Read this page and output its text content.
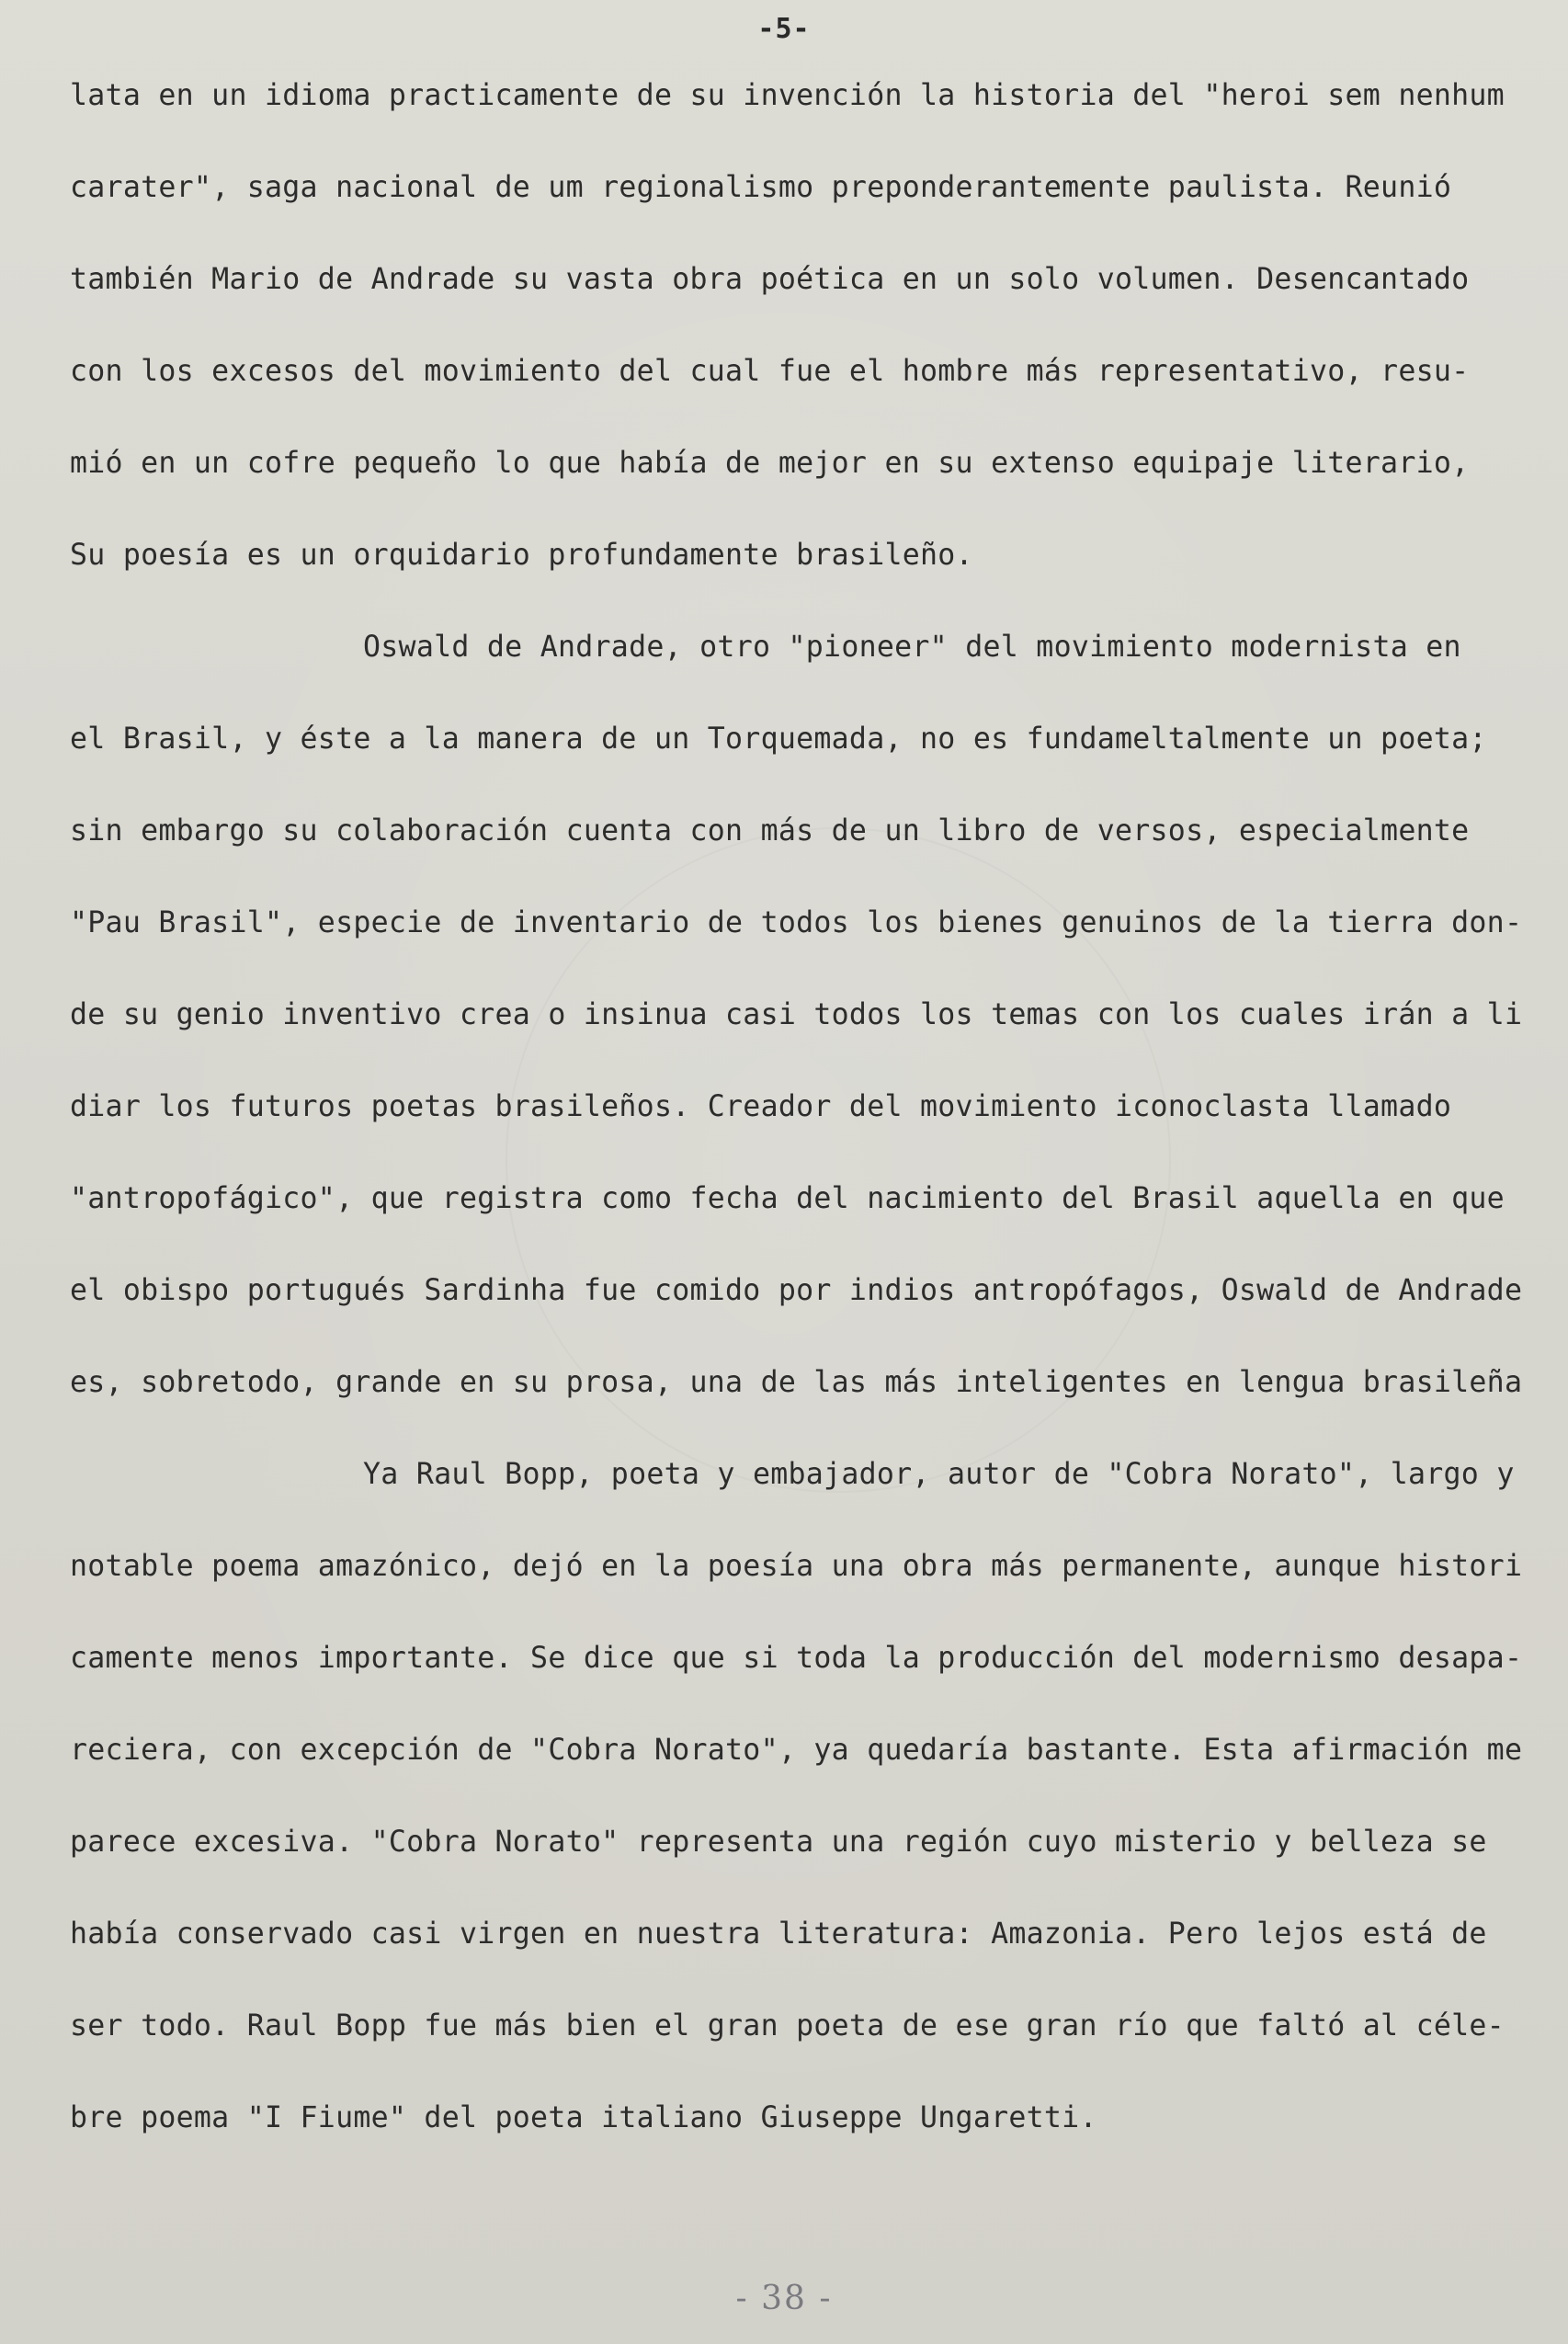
-5-
lata en un idioma practicamente de su invención la historia del "heroi sem nenhum
carater", saga nacional de um regionalismo preponderantemente paulista. Reunió
también Mario de Andrade su vasta obra poética en un solo volumen. Desencantado
con los excesos del movimiento del cual fue el hombre más representativo, resu-
mió en un cofre pequeño lo que había de mejor en su extenso equipaje literario,
Su poesía es un orquidario profundamente brasileño.
Oswald de Andrade, otro "pioneer" del movimiento modernista en
el Brasil, y éste a la manera de un Torquemada, no es fundameltalmente un poeta;
sin embargo su colaboración cuenta con más de un libro de versos, especialmente
"Pau Brasil", especie de inventario de todos los bienes genuinos de la tierra don-
de su genio inventivo crea o insinua casi todos los temas con los cuales irán a li
diar los futuros poetas brasileños. Creador del movimiento iconoclasta llamado
"antropofágico", que registra como fecha del nacimiento del Brasil aquella en que
el obispo portugués Sardinha fue comido por indios antropófagos, Oswald de Andrade
es, sobretodo, grande en su prosa, una de las más inteligentes en lengua brasileña
Ya Raul Bopp, poeta y embajador, autor de "Cobra Norato", largo y
notable poema amazónico, dejó en la poesía una obra más permanente, aunque histori
camente menos importante. Se dice que si toda la producción del modernismo desapa-
reciera, con excepción de "Cobra Norato", ya quedaría bastante. Esta afirmación me
parece excesiva. "Cobra Norato" representa una región cuyo misterio y belleza se
había conservado casi virgen en nuestra literatura: Amazonia. Pero lejos está de
ser todo. Raul Bopp fue más bien el gran poeta de ese gran río que faltó al céle-
bre poema "I Fiume" del poeta italiano Giuseppe Ungaretti.
- 38 -
